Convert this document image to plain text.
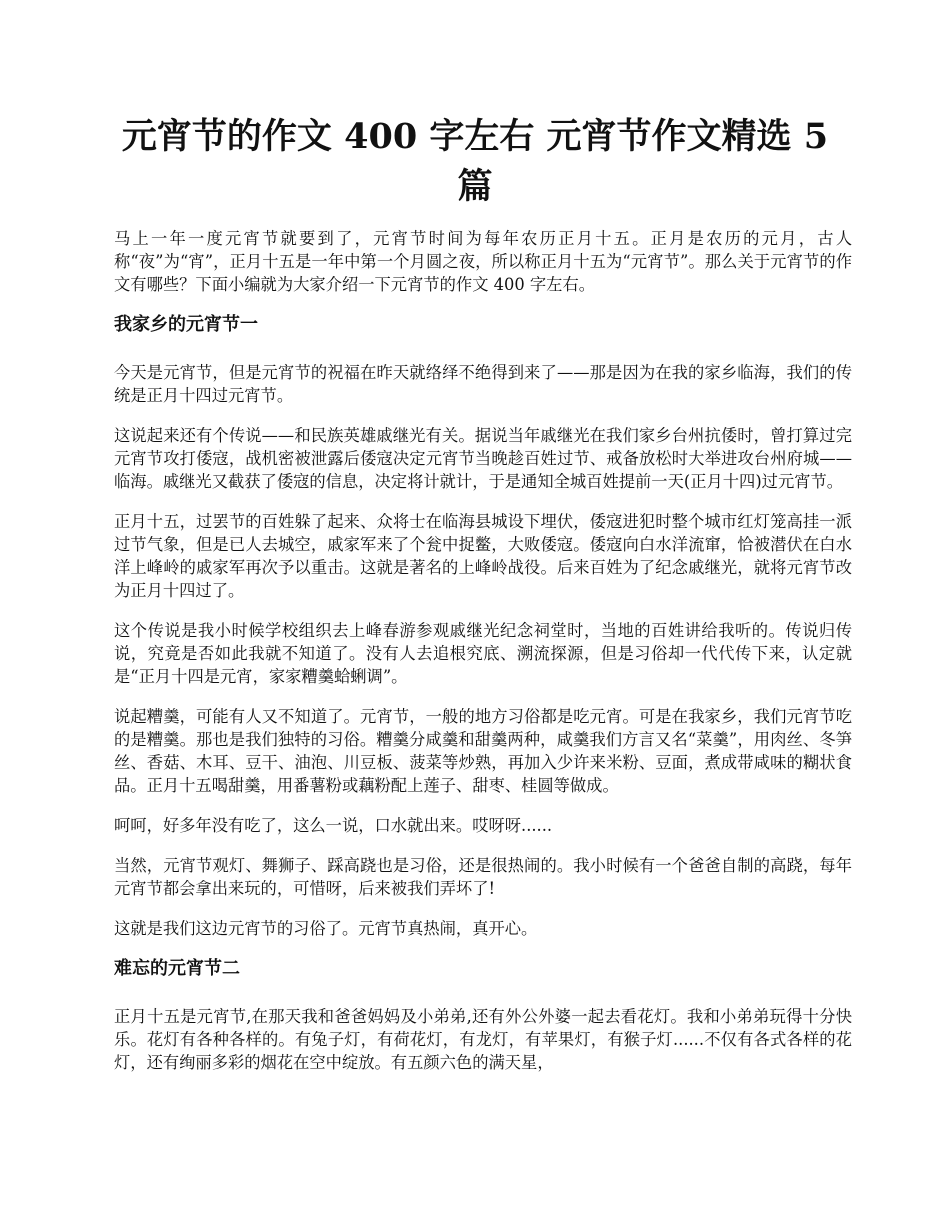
元宵节的作文 400 字左右 元宵节作文精选 5 篇

马上一年一度元宵节就要到了，元宵节时间为每年农历正月十五。正月是农历的元月，古人称“夜”为“宵”，正月十五是一年中第一个月圆之夜，所以称正月十五为“元宵节”。那么关于元宵节的作文有哪些？下面小编就为大家介绍一下元宵节的作文 400 字左右。

我家乡的元宵节一

今天是元宵节，但是元宵节的祝福在昨天就络绎不绝得到来了——那是因为在我的家乡临海，我们的传统是正月十四过元宵节。

这说起来还有个传说——和民族英雄戚继光有关。据说当年戚继光在我们家乡台州抗倭时，曾打算过完元宵节攻打倭寇，战机密被泄露后倭寇决定元宵节当晚趁百姓过节、戒备放松时大举进攻台州府城——临海。戚继光又截获了倭寇的信息，决定将计就计，于是通知全城百姓提前一天(正月十四)过元宵节。

正月十五，过罢节的百姓躲了起来、众将士在临海县城设下埋伏，倭寇进犯时整个城市红灯笼高挂一派过节气象，但是已人去城空，戚家军来了个瓮中捉鳖，大败倭寇。倭寇向白水洋流窜，恰被潜伏在白水洋上峰岭的戚家军再次予以重击。这就是著名的上峰岭战役。后来百姓为了纪念戚继光，就将元宵节改为正月十四过了。

这个传说是我小时候学校组织去上峰春游参观戚继光纪念祠堂时，当地的百姓讲给我听的。传说归传说，究竟是否如此我就不知道了。没有人去追根究底、溯流探源，但是习俗却一代代传下来，认定就是“正月十四是元宵，家家糟羹蛤蜊调”。

说起糟羹，可能有人又不知道了。元宵节，一般的地方习俗都是吃元宵。可是在我家乡，我们元宵节吃的是糟羹。那也是我们独特的习俗。糟羹分咸羹和甜羹两种，咸羹我们方言又名“菜羹”，用肉丝、冬笋丝、香菇、木耳、豆干、油泡、川豆板、菠菜等炒熟，再加入少许来米粉、豆面，煮成带咸味的糊状食品。正月十五喝甜羹，用番薯粉或藕粉配上莲子、甜枣、桂圆等做成。

呵呵，好多年没有吃了，这么一说，口水就出来。哎呀呀......

当然，元宵节观灯、舞狮子、踩高跷也是习俗，还是很热闹的。我小时候有一个爸爸自制的高跷，每年元宵节都会拿出来玩的，可惜呀，后来被我们弄坏了!

这就是我们这边元宵节的习俗了。元宵节真热闹，真开心。

难忘的元宵节二

正月十五是元宵节,在那天我和爸爸妈妈及小弟弟,还有外公外婆一起去看花灯。我和小弟弟玩得十分快乐。花灯有各种各样的。有兔子灯，有荷花灯，有龙灯，有苹果灯，有猴子灯......不仅有各式各样的花灯，还有绚丽多彩的烟花在空中绽放。有五颜六色的满天星，
